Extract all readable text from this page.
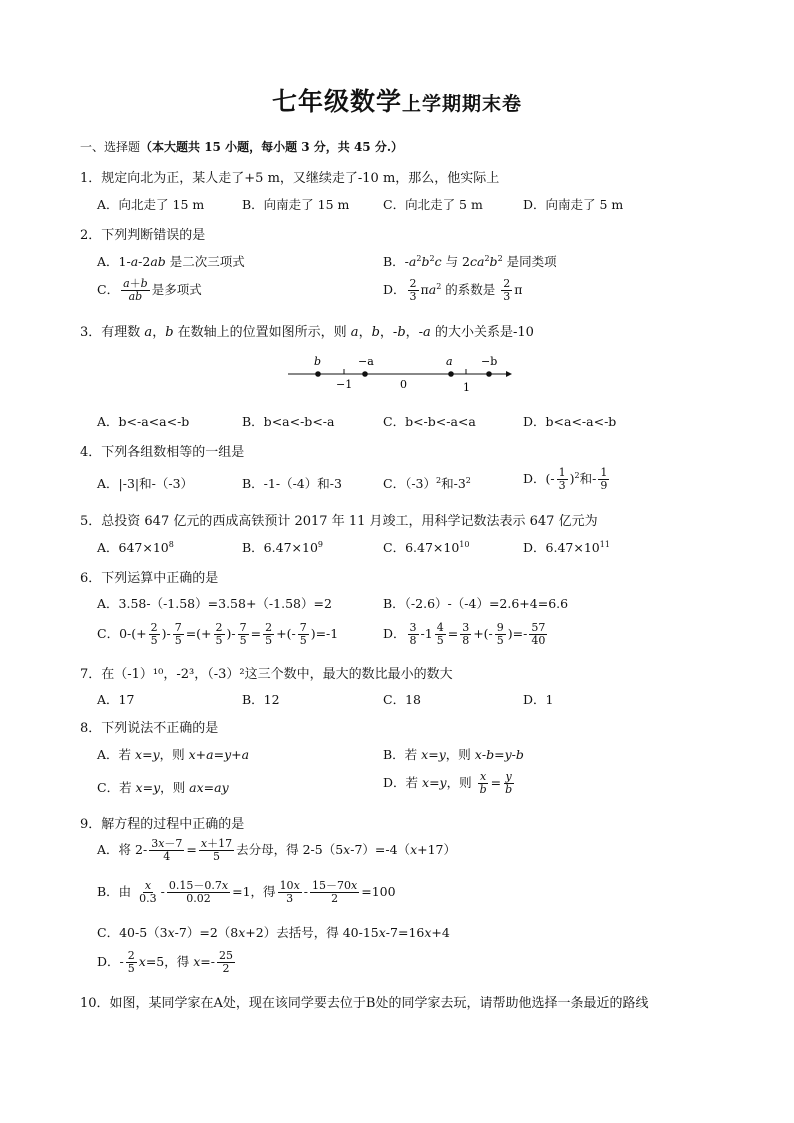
七年级数学上学期期末卷
一、选择题（本大题共 15 小题，每小题 3 分，共 45 分.）
1．规定向北为正，某人走了+5 m，又继续走了-10 m，那么，他实际上
A．向北走了 15 m	B．向南走了 15 m	C．向北走了 5 m	D．向南走了 5 m
2．下列判断错误的是
A．1-a-2ab 是二次三项式	B．$-a^2b^2c$ 与 $2ca^2b^2$ 是同类项
C． $\frac{a+b}{ab}$ 是多项式	D． $\frac{2}{3} \pi a^2$ 的系数是 $\frac{2}{3}$ π
3．有理数 a，b 在数轴上的位置如图所示，则 a，b，-b，-a 的大小关系是-10
b	−a	a	−b
−1	0	1
A．b<-a<a<-b	B．b<a<-b<-a	C．b<-b<-a<a	D．b<a<-a<-b
4．下列各组数相等的一组是
A．|-3|和-（-3）	B．-1-（-4）和-3	C．$(-3)^2$和$-3^2$	D．(- $\frac{1}{3} )^2$和- $\frac{1}{9}$
5．总投资 647 亿元的西成高铁预计 2017 年 11 月竣工，用科学记数法表示 647 亿元为
A．$647\times 10^8$	B．$6.47\times 10^9$	C．$6.47\times 10^{10}$	D．$6.47\times 10^{11}$
6．下列运算中正确的是
A．3.58-（-1.58）=3.58+（-1.58）=2	B．（-2.6）-（-4）=2.6+4=6.6
C．$0-(+ \frac{2}{5}$ )- $\frac{7}{5}$ =(+ $\frac{2}{5}$ )- $\frac{7}{5} = \frac{2}{5}$ +(- $\frac{7}{5} )=-1$	D． $\frac{3}{8} -1 \frac{4}{5} = \frac{3}{8}$ +(- $\frac{9}{5}$ )=- $\frac{57}{40}$
7．在（-1）¹⁰，-2³，（-3）²这三个数中，最大的数比最小的数大
A．17	B．12	C．18	D．1
8．下列说法不正确的是
A．若 x=y，则 x+a=y+a	B．若 x=y，则 x-b=y-b
C．若 x=y，则 ax=ay	D．若 x=y，则 $\frac{x}{b} = \frac{y}{b}$
9．解方程的过程中正确的是
A．将 $2- \frac{3x-7}{4} = \frac{x+17}{5}$ 去分母，得 2-5（5x-7）=-4（x+17）
B．由 $\frac{x}{0.3} - \frac{0.15-0.7x}{0.02} =1$，得 $\frac{10x}{3} - \frac{15-70x}{2} =100$
C．40-5（3x-7）=2（8x+2）去括号，得 40-15x-7=16x+4
D．- $\frac{2}{5} x=5$，得 $x=- \frac{25}{2}$
10．如图，某同学家在A处，现在该同学要去位于B处的同学家去玩，请帮助他选择一条最近的路线
